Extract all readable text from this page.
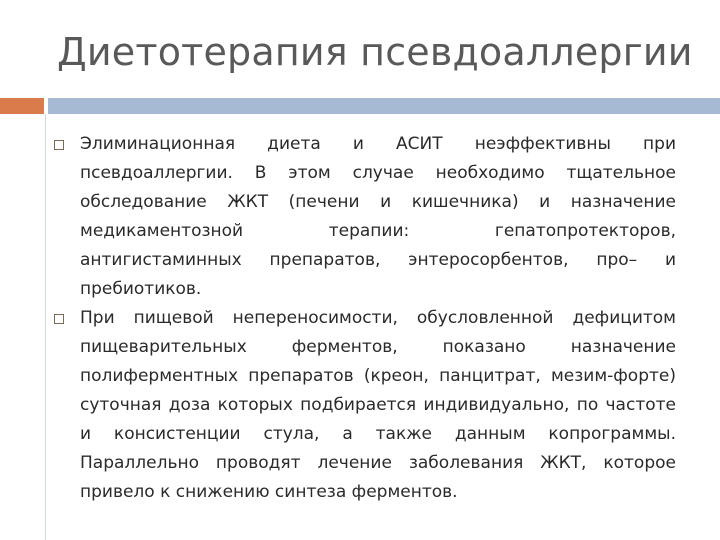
Диетотерапия псевдоаллергии
Элиминационная диета и АСИТ неэффективны при псевдоаллергии. В этом случае необходимо тщательное обследование ЖКТ (печени и кишечника) и назначение медикаментозной терапии: гепатопротекторов, антигистаминных препаратов, энтеросорбентов, про– и пребиотиков.
При пищевой непереносимости, обусловленной дефицитом пищеварительных ферментов, показано назначение полиферментных препаратов (креон, панцитрат, мезим-форте) суточная доза которых подбирается индивидуально, по частоте и консистенции стула, а также данным копрограммы. Параллельно проводят лечение заболевания ЖКТ, которое привело к снижению синтеза ферментов.
